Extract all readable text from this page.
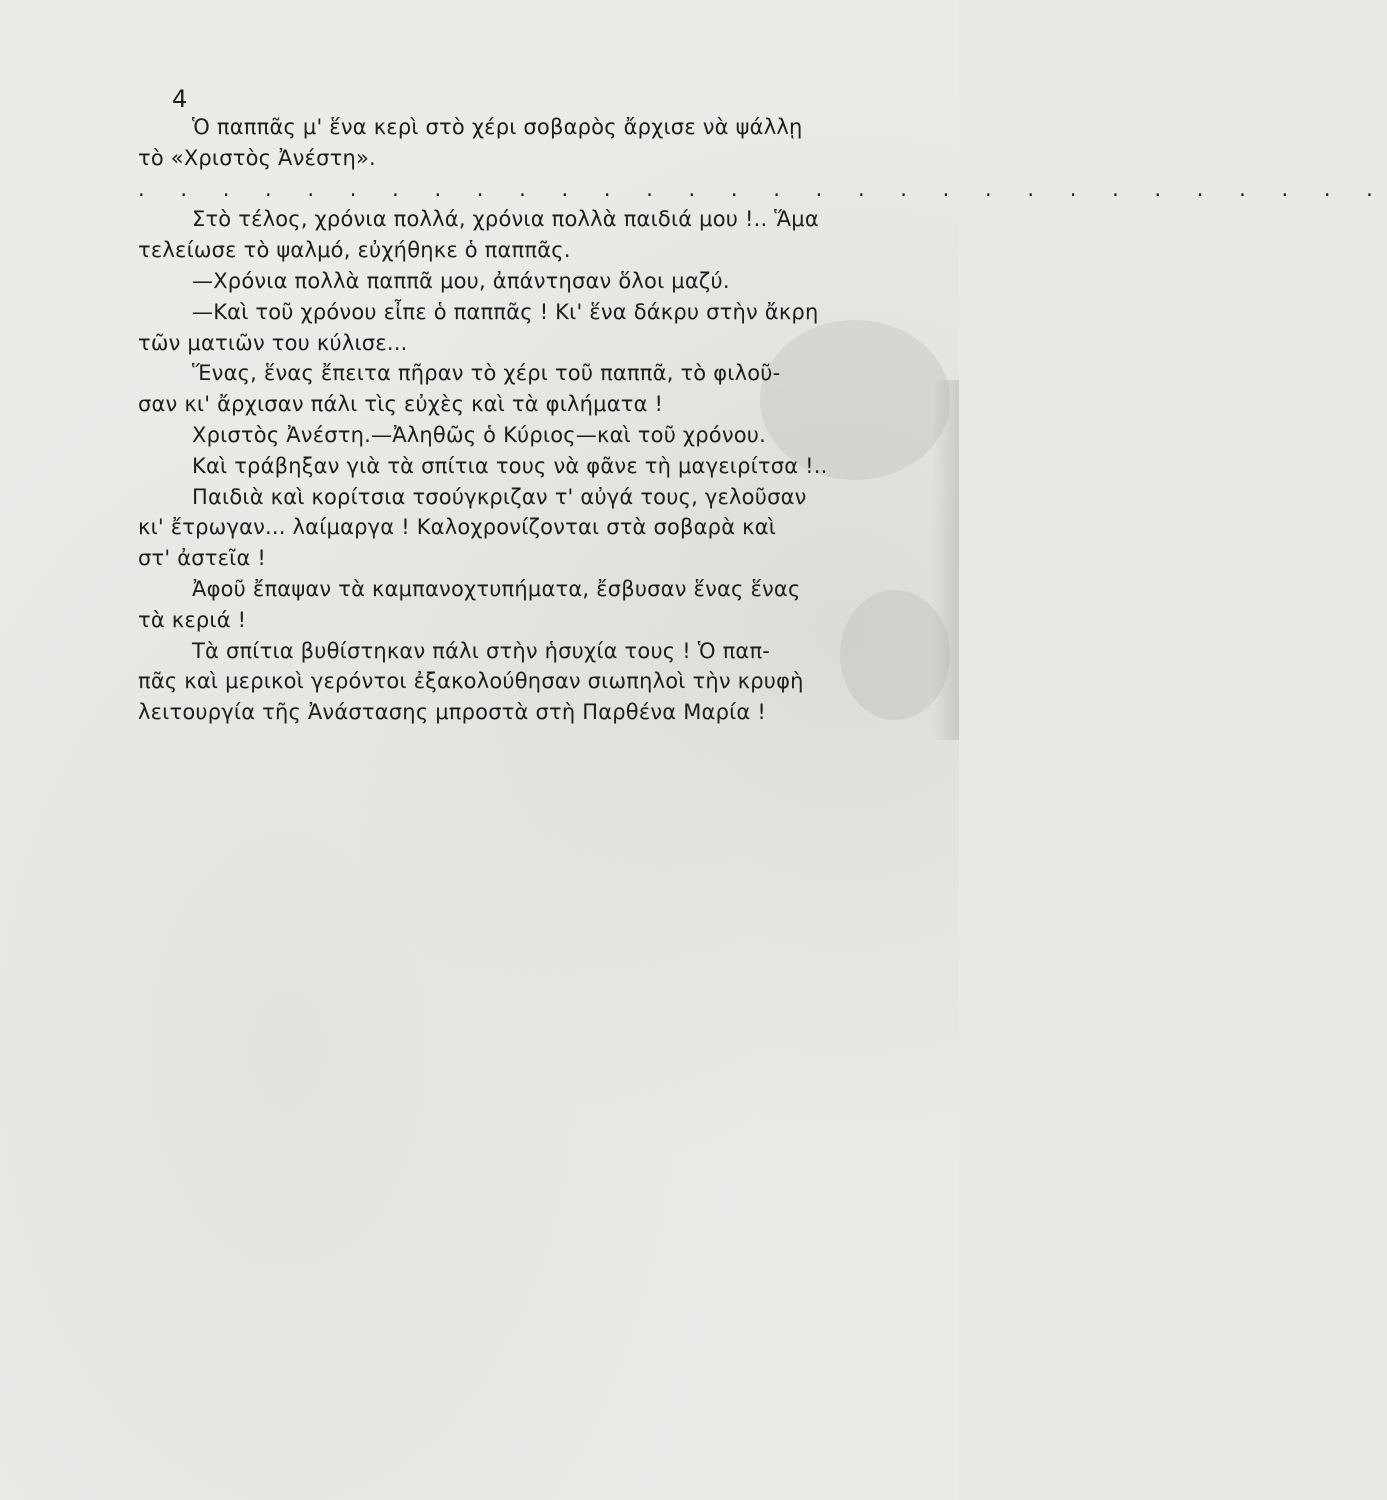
4
Ὁ παππᾶς μ' ἕνα κερὶ στὸ χέρι σοβαρὸς ἄρχισε νὰ ψάλλῃ
τὸ «Χριστὸς Ἀνέστη».
. . . . . . . . . . . . . . . . . . . . . . . . . . . . . .
Στὸ τέλος, χρόνια πολλά, χρόνια πολλὰ παιδιά μου !.. Ἅμα
τελείωσε τὸ ψαλμό, εὐχήθηκε ὁ παππᾶς.
—Χρόνια πολλὰ παππᾶ μου, ἀπάντησαν ὅλοι μαζύ.
—Καὶ τοῦ χρόνου εἶπε ὁ παππᾶς ! Κι' ἕνα δάκρυ στὴν ἄκρη
τῶν ματιῶν του κύλισε...
Ἕνας, ἕνας ἔπειτα πῆραν τὸ χέρι τοῦ παππᾶ, τὸ φιλοῦ-
σαν κι' ἄρχισαν πάλι τὶς εὐχὲς καὶ τὰ φιλήματα !
Χριστὸς Ἀνέστη.—Ἀληθῶς ὁ Κύριος—καὶ τοῦ χρόνου.
Καὶ τράβηξαν γιὰ τὰ σπίτια τους νὰ φᾶνε τὴ μαγειρίτσα !..
Παιδιὰ καὶ κορίτσια τσούγκριζαν τ' αὐγά τους, γελοῦσαν
κι' ἔτρωγαν... λαίμαργα ! Καλοχρονίζονται στὰ σοβαρὰ καὶ
στ' ἀστεῖα !
Ἀφοῦ ἔπαψαν τὰ καμπανοχτυπήματα, ἔσβυσαν ἕνας ἕνας
τὰ κεριά !
Τὰ σπίτια βυθίστηκαν πάλι στὴν ἡσυχία τους ! Ὁ παπ-
πᾶς καὶ μερικοὶ γερόντοι ἐξακολούθησαν σιωπηλοὶ τὴν κρυφὴ
λειτουργία τῆς Ἀνάστασης μπροστὰ στὴ Παρθένα Μαρία !
